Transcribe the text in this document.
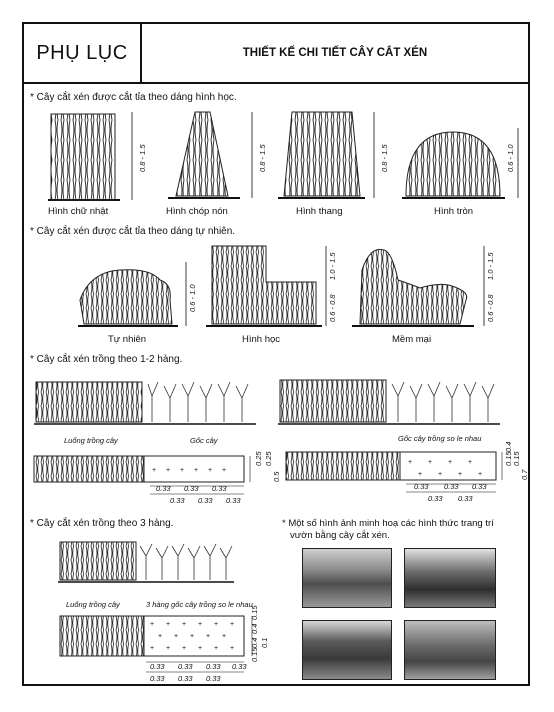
PHỤ LỤC	THIẾT KẾ CHI TIẾT CÂY CẮT XÉN
+ + + + + +
+ + + +
+ + + +
+ + + + + +
+ + + + +
+ + + + + +
* Cây cắt xén được cắt tỉa theo dáng hình học.
Hình chữ nhật	Hình chóp nón	Hình thang	Hình tròn
0.8 - 1.5	0.8 - 1.5	0.8 - 1.5	0.6 - 1.0
* Cây cắt xén được cắt tỉa theo dáng tự nhiên.
Tự nhiên	Hình học	Mềm mại
0.6 - 1.0
1.0 - 1.5
0.6 - 0.8
1.0 - 1.5
0.6 - 0.8
* Cây cắt xén trồng theo 1-2 hàng.
Luống trồng cây	Gốc cây	Gốc cây trồng so le nhau
0.33 0.33 0.33
0.33 0.33 0.33
0.25 0.25
0.5
0.33 0.33 0.33
0.33 0.33
0.15
0.4
0.15
0.7
* Cây cắt xén trồng theo 3 hàng.
Luống trồng cây	3 hàng gốc cây trồng so le nhau
0.33 0.33 0.33 0.33
0.33 0.33 0.33
0.15
0.4
0.4
0.15
0.1
* Một số hình ảnh minh hoạ các hình thức trang trí
vườn bằng cây cắt xén.
